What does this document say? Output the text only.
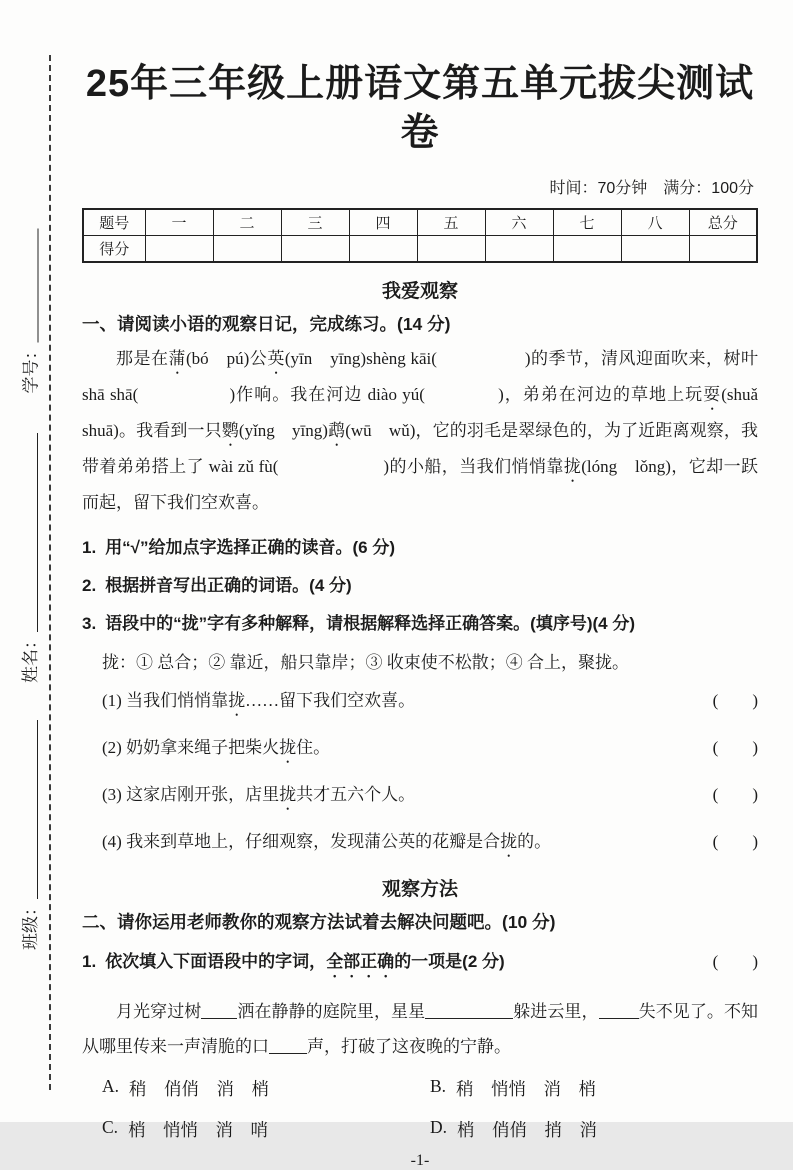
学号：
姓名：
班级：
25年三年级上册语文第五单元拔尖测试卷
时间：70分钟　满分：100分
题号	一	二	三	四	五	六	七	八	总分
得分									
我爱观察

一、请阅读小语的观察日记，完成练习。(14 分)

那是在蒲(bó　pú)公英(yīn　yīng)shèng kāi(　　　　　)的季节，清风迎面吹来，树叶 shā shā(　　　　　)作响。我在河边 diào yú(　　　　)，弟弟在河边的草地上玩耍(shuǎ　shuā)。我看到一只鹦(yǐng　yīng)鹉(wū　wǔ)，它的羽毛是翠绿色的，为了近距离观察，我带着弟弟搭上了 wài zǔ fù(　　　　　　)的小船，当我们悄悄靠拢(lóng　lǒng)，它却一跃而起，留下我们空欢喜。

1. 用“√”给加点字选择正确的读音。(6 分)
2. 根据拼音写出正确的词语。(4 分)
3. 语段中的“拢”字有多种解释，请根据解释选择正确答案。(填序号)(4 分)

拢：① 总合；② 靠近，船只靠岸；③ 收束使不松散；④ 合上，聚拢。

(1) 当我们悄悄靠拢……留下我们空欢喜。	(　　)
(2) 奶奶拿来绳子把柴火拢住。	(　　)
(3) 这家店刚开张，店里拢共才五六个人。	(　　)
(4) 我来到草地上，仔细观察，发现蒲公英的花瓣是合拢的。	(　　)
观察方法

二、请你运用老师教你的观察方法试着去解决问题吧。(10 分)

1. 依次填入下面语段中的字词，全部正确的一项是(2 分)	(　　)

月光穿过树 洒在静静的庭院里，星星	躲进云里， 失不见了。不知从哪里传来一声清脆的口 声，打破了这夜晚的宁静。

A. 稍　俏俏　消　梢	B. 稍　悄悄　消　梢
C. 梢　悄悄　消　哨	D. 梢　俏俏　捎　消
-1-
